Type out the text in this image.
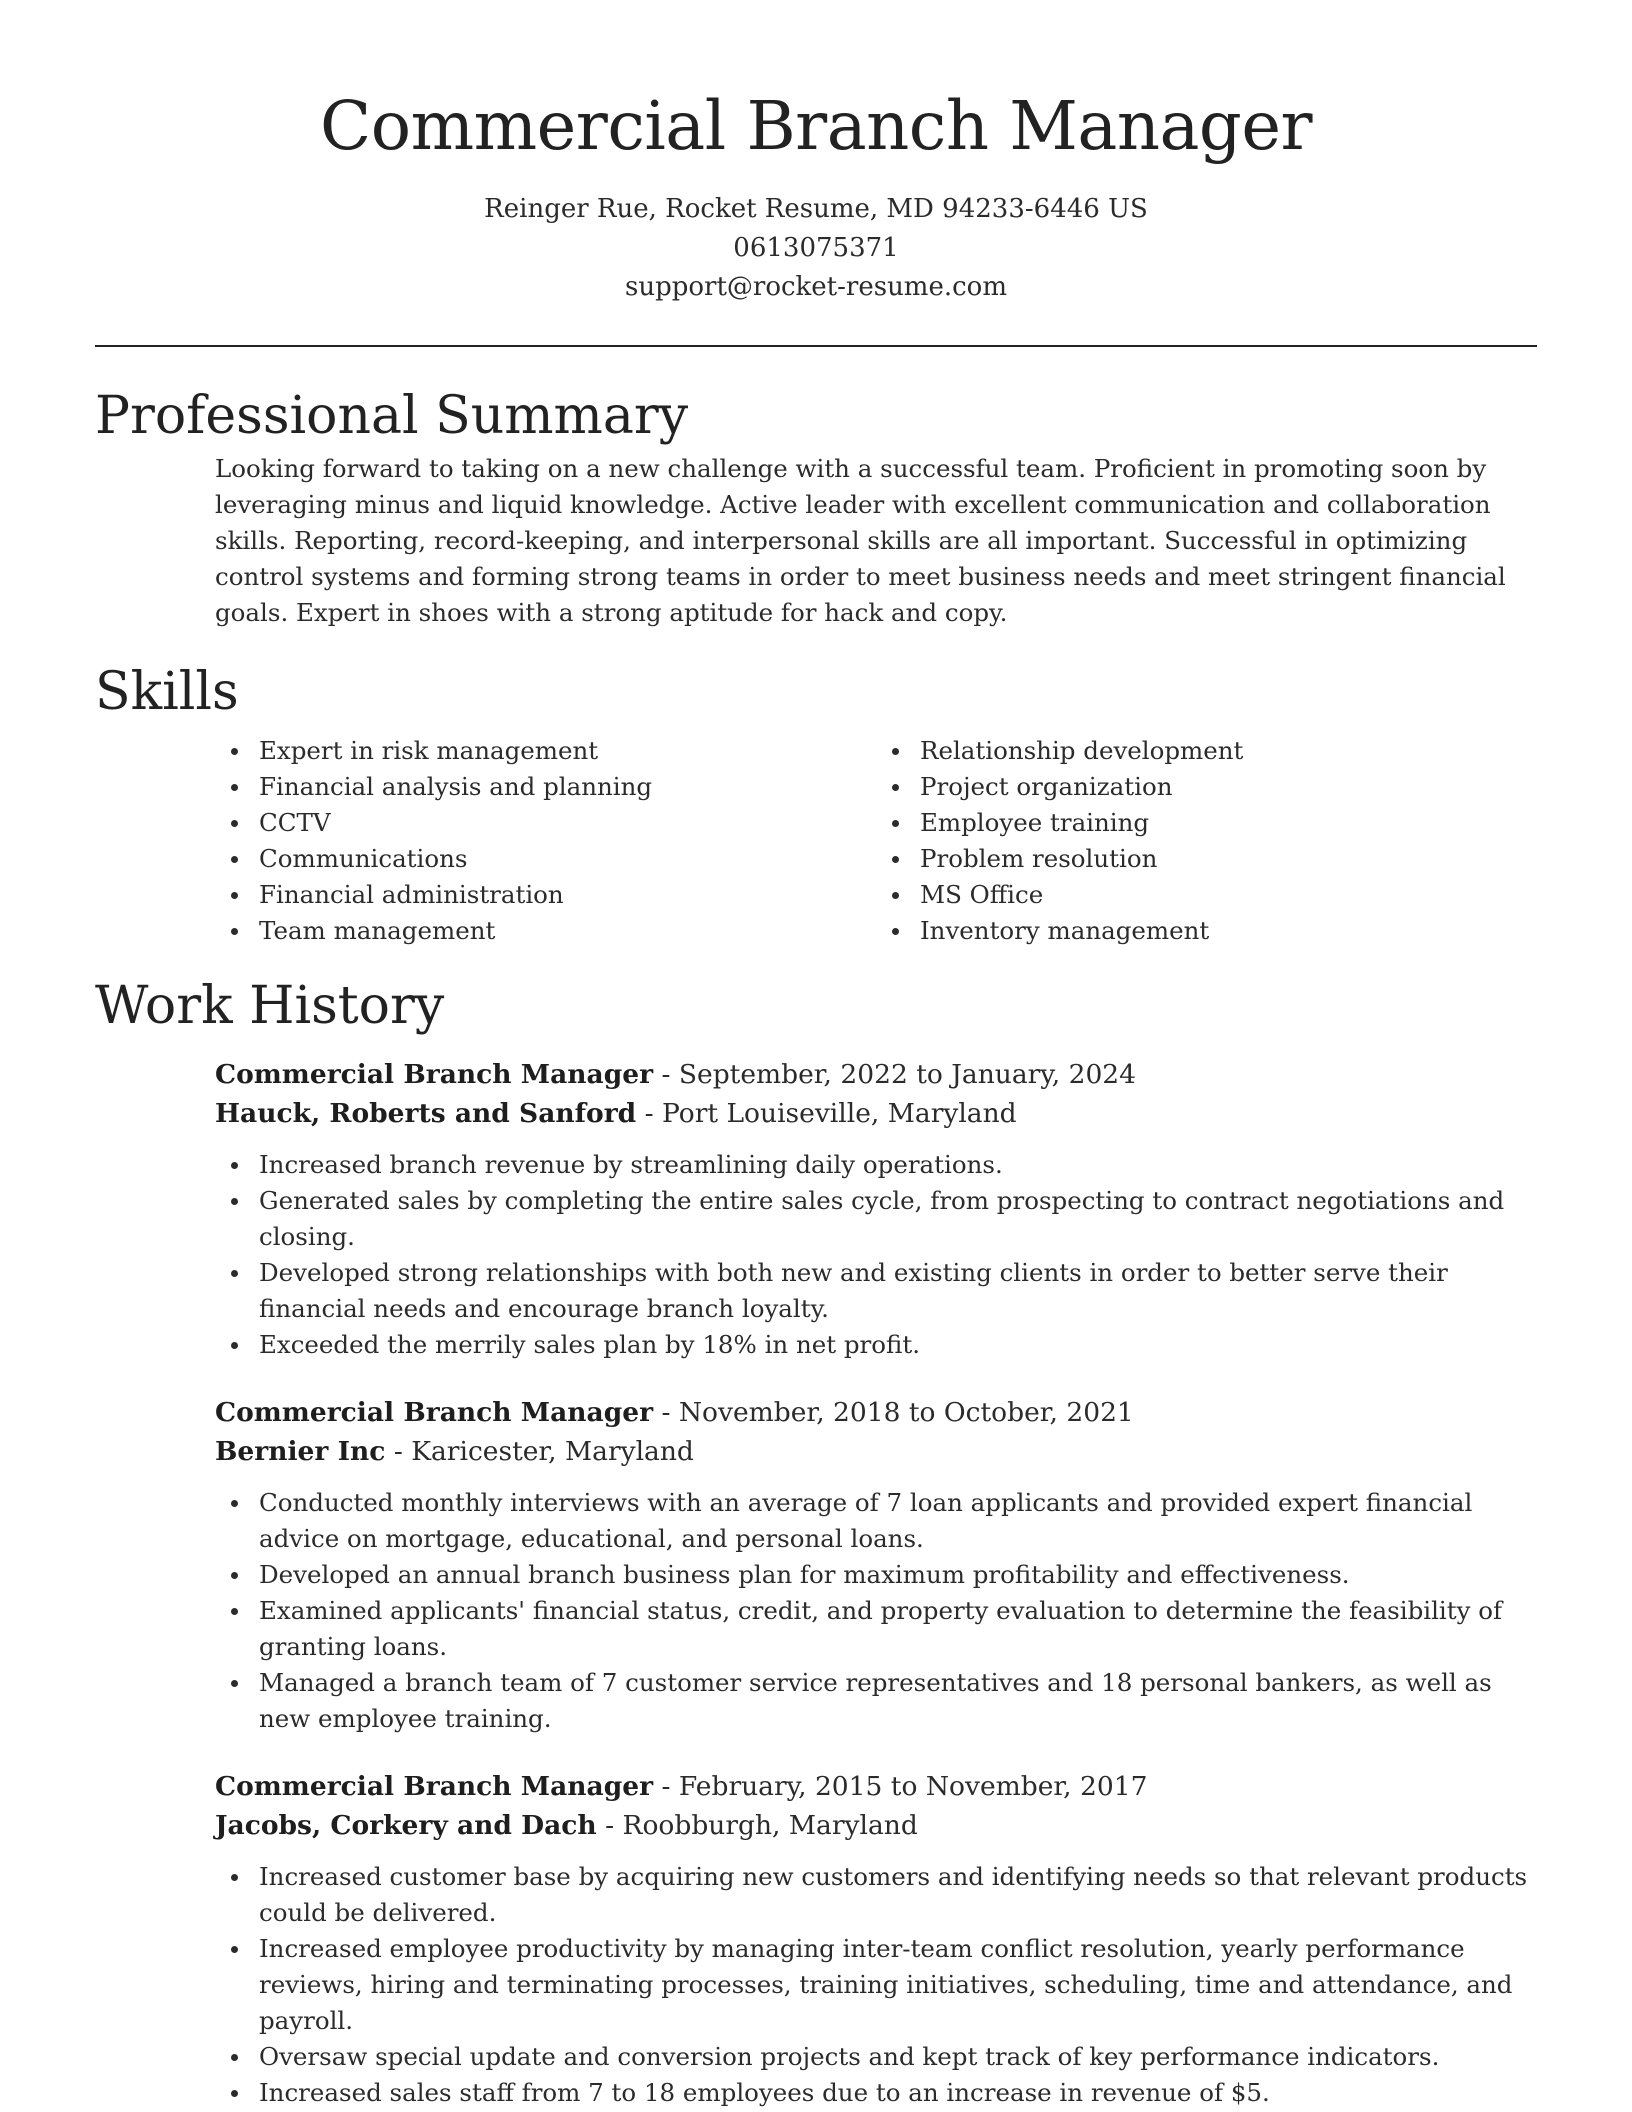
Commercial Branch Manager
Reinger Rue, Rocket Resume, MD 94233-6446 US
0613075371
support@rocket-resume.com
Professional Summary

Looking forward to taking on a new challenge with a successful team. Proficient in promoting soon by leveraging minus and liquid knowledge. Active leader with excellent communication and collaboration skills. Reporting, record-keeping, and interpersonal skills are all important. Successful in optimizing control systems and forming strong teams in order to meet business needs and meet stringent financial goals. Expert in shoes with a strong aptitude for hack and copy.

Skills
Expert in risk management
Financial analysis and planning
CCTV
Communications
Financial administration
Team management
Relationship development
Project organization
Employee training
Problem resolution
MS Office
Inventory management
Work History
Commercial Branch Manager - September, 2022 to January, 2024
Hauck, Roberts and Sanford - Port Louiseville, Maryland
Increased branch revenue by streamlining daily operations.
Generated sales by completing the entire sales cycle, from prospecting to contract negotiations and closing.
Developed strong relationships with both new and existing clients in order to better serve their financial needs and encourage branch loyalty.
Exceeded the merrily sales plan by 18% in net profit.
Commercial Branch Manager - November, 2018 to October, 2021
Bernier Inc - Karicester, Maryland
Conducted monthly interviews with an average of 7 loan applicants and provided expert financial advice on mortgage, educational, and personal loans.
Developed an annual branch business plan for maximum profitability and effectiveness.
Examined applicants' financial status, credit, and property evaluation to determine the feasibility of granting loans.
Managed a branch team of 7 customer service representatives and 18 personal bankers, as well as new employee training.
Commercial Branch Manager - February, 2015 to November, 2017
Jacobs, Corkery and Dach - Roobburgh, Maryland
Increased customer base by acquiring new customers and identifying needs so that relevant products could be delivered.
Increased employee productivity by managing inter-team conflict resolution, yearly performance reviews, hiring and terminating processes, training initiatives, scheduling, time and attendance, and payroll.
Oversaw special update and conversion projects and kept track of key performance indicators.
Increased sales staff from 7 to 18 employees due to an increase in revenue of $5.
